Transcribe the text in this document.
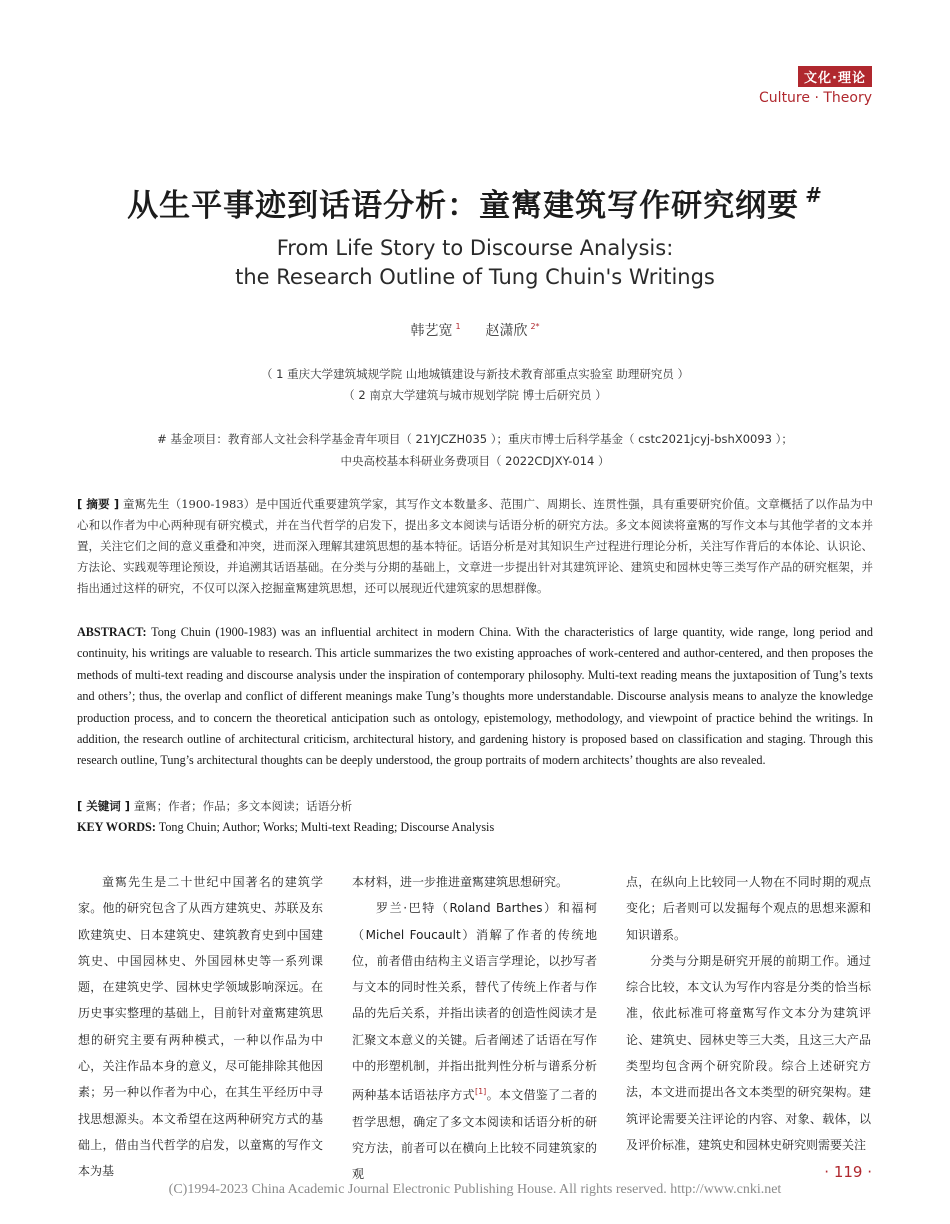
文化·理论
Culture · Theory
从生平事迹到话语分析：童寯建筑写作研究纲要 #
From Life Story to Discourse Analysis:
the Research Outline of Tung Chuin's Writings
韩艺宽 $^1$ 赵潇欣 $^{2*}$
（ 1 重庆大学建筑城规学院 山地城镇建设与新技术教育部重点实验室 助理研究员 ）
（ 2 南京大学建筑与城市规划学院 博士后研究员 ）
# 基金项目：教育部人文社会科学基金青年项目（ 21YJCZH035 ）；重庆市博士后科学基金（ cstc2021jcyj-bshX0093 ）；
中央高校基本科研业务费项目（ 2022CDJXY-014 ）
[ 摘要 ] 童寯先生（1900-1983）是中国近代重要建筑学家，其写作文本数量多、范围广、周期长、连贯性强，具有重要研究价值。文章概括了以作品为中心和以作者为中心两种现有研究模式，并在当代哲学的启发下，提出多文本阅读与话语分析的研究方法。多文本阅读将童寯的写作文本与其他学者的文本并置，关注它们之间的意义重叠和冲突，进而深入理解其建筑思想的基本特征。话语分析是对其知识生产过程进行理论分析，关注写作背后的本体论、认识论、方法论、实践观等理论预设，并追溯其话语基础。在分类与分期的基础上，文章进一步提出针对其建筑评论、建筑史和园林史等三类写作产品的研究框架，并指出通过这样的研究，不仅可以深入挖掘童寯建筑思想，还可以展现近代建筑家的思想群像。
ABSTRACT: Tong Chuin (1900-1983) was an influential architect in modern China. With the characteristics of large quantity, wide range, long period and continuity, his writings are valuable to research. This article summarizes the two existing approaches of work-centered and author-centered, and then proposes the methods of multi-text reading and discourse analysis under the inspiration of contemporary philosophy. Multi-text reading means the juxtaposition of Tung’s texts and others’; thus, the overlap and conflict of different meanings make Tung’s thoughts more understandable. Discourse analysis means to analyze the knowledge production process, and to concern the theoretical anticipation such as ontology, epistemology, methodology, and viewpoint of practice behind the writings. In addition, the research outline of architectural criticism, architectural history, and gardening history is proposed based on classification and staging. Through this research outline, Tung’s architectural thoughts can be deeply understood, the group portraits of modern architects’ thoughts are also revealed.
[ 关键词 ] 童寯；作者；作品；多文本阅读；话语分析
KEY WORDS: Tong Chuin; Author; Works; Multi-text Reading; Discourse Analysis

童寯先生是二十世纪中国著名的建筑学家。他的研究包含了从西方建筑史、苏联及东欧建筑史、日本建筑史、建筑教育史到中国建筑史、中国园林史、外国园林史等一系列课题，在建筑史学、园林史学领域影响深远。在历史事实整理的基础上，目前针对童寯建筑思想的研究主要有两种模式，一种以作品为中心，关注作品本身的意义，尽可能排除其他因素；另一种以作者为中心，在其生平经历中寻找思想源头。本文希望在这两种研究方式的基础上，借由当代哲学的启发，以童寯的写作文本为基

本材料，进一步推进童寯建筑思想研究。

罗兰·巴特（Roland Barthes）和福柯（Michel Foucault）消解了作者的传统地位，前者借由结构主义语言学理论，以抄写者与文本的同时性关系，替代了传统上作者与作品的先后关系，并指出读者的创造性阅读才是汇聚文本意义的关键。后者阐述了话语在写作中的形塑机制，并指出批判性分析与谱系分析两种基本话语祛序方式[1]。本文借鉴了二者的哲学思想，确定了多文本阅读和话语分析的研究方法，前者可以在横向上比较不同建筑家的观

点，在纵向上比较同一人物在不同时期的观点变化；后者则可以发掘每个观点的思想来源和知识谱系。

分类与分期是研究开展的前期工作。通过综合比较，本文认为写作内容是分类的恰当标准，依此标准可将童寯写作文本分为建筑评论、建筑史、园林史等三大类，且这三大产品类型均包含两个研究阶段。综合上述研究方法，本文进而提出各文本类型的研究架构。建筑评论需要关注评论的内容、对象、载体，以及评价标准，建筑史和园林史研究则需要关注

· 119 ·
(C)1994-2023 China Academic Journal Electronic Publishing House. All rights reserved. http://www.cnki.net
